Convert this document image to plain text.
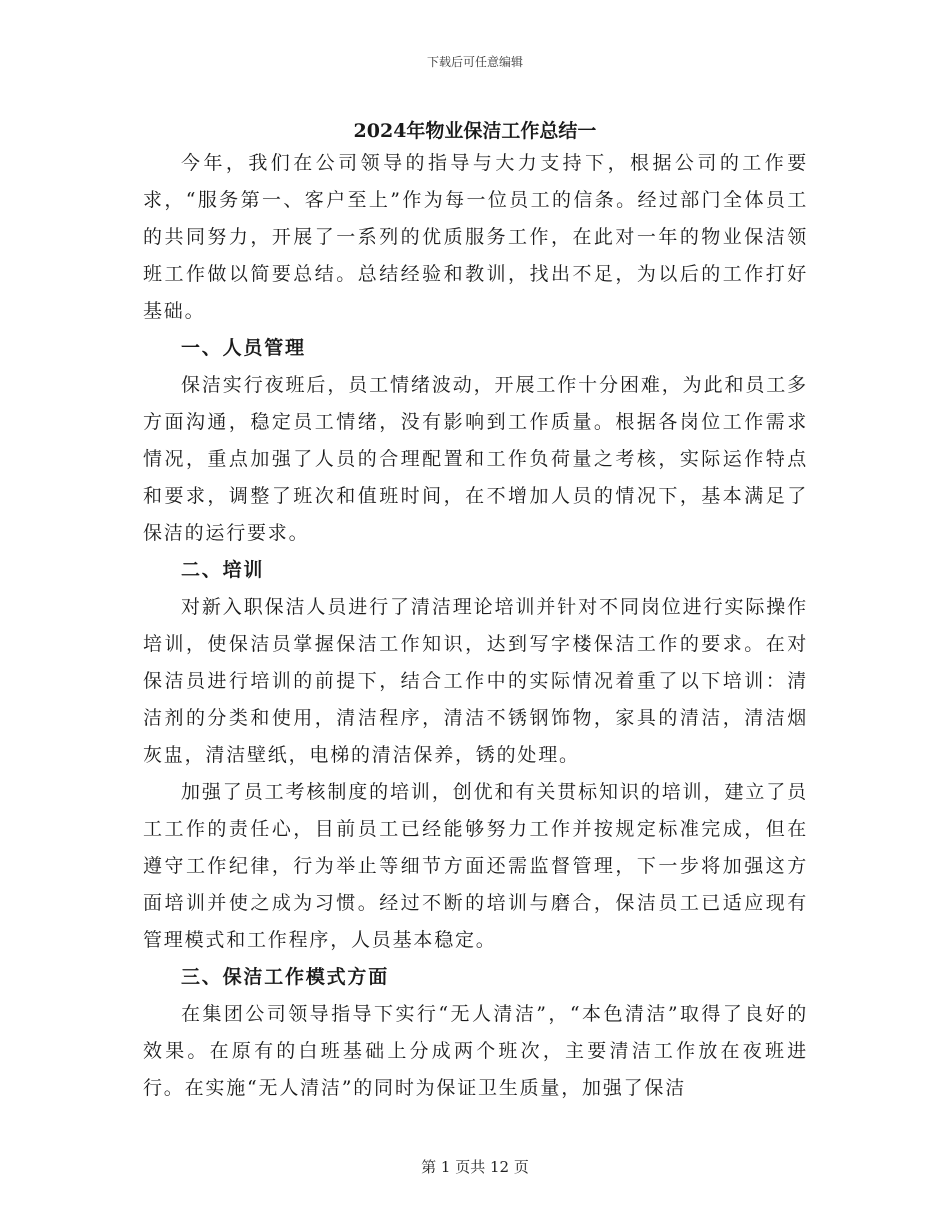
下载后可任意编辑
2024年物业保洁工作总结一

今年，我们在公司领导的指导与大力支持下，根据公司的工作要求，“服务第一、客户至上”作为每一位员工的信条。经过部门全体员工的共同努力，开展了一系列的优质服务工作，在此对一年的物业保洁领班工作做以简要总结。总结经验和教训，找出不足，为以后的工作打好基础。

一、人员管理

保洁实行夜班后，员工情绪波动，开展工作十分困难，为此和员工多方面沟通，稳定员工情绪，没有影响到工作质量。根据各岗位工作需求情况，重点加强了人员的合理配置和工作负荷量之考核，实际运作特点和要求，调整了班次和值班时间，在不增加人员的情况下，基本满足了保洁的运行要求。

二、培训

对新入职保洁人员进行了清洁理论培训并针对不同岗位进行实际操作培训，使保洁员掌握保洁工作知识，达到写字楼保洁工作的要求。在对保洁员进行培训的前提下，结合工作中的实际情况着重了以下培训：清洁剂的分类和使用，清洁程序，清洁不锈钢饰物，家具的清洁，清洁烟灰盅，清洁壁纸，电梯的清洁保养，锈的处理。

加强了员工考核制度的培训，创优和有关贯标知识的培训，建立了员工工作的责任心，目前员工已经能够努力工作并按规定标准完成，但在遵守工作纪律，行为举止等细节方面还需监督管理，下一步将加强这方面培训并使之成为习惯。经过不断的培训与磨合，保洁员工已适应现有管理模式和工作程序，人员基本稳定。

三、保洁工作模式方面

在集团公司领导指导下实行“无人清洁”，“本色清洁”取得了良好的效果。在原有的白班基础上分成两个班次，主要清洁工作放在夜班进行。在实施“无人清洁”的同时为保证卫生质量，加强了保洁

第 1 页共 12 页
